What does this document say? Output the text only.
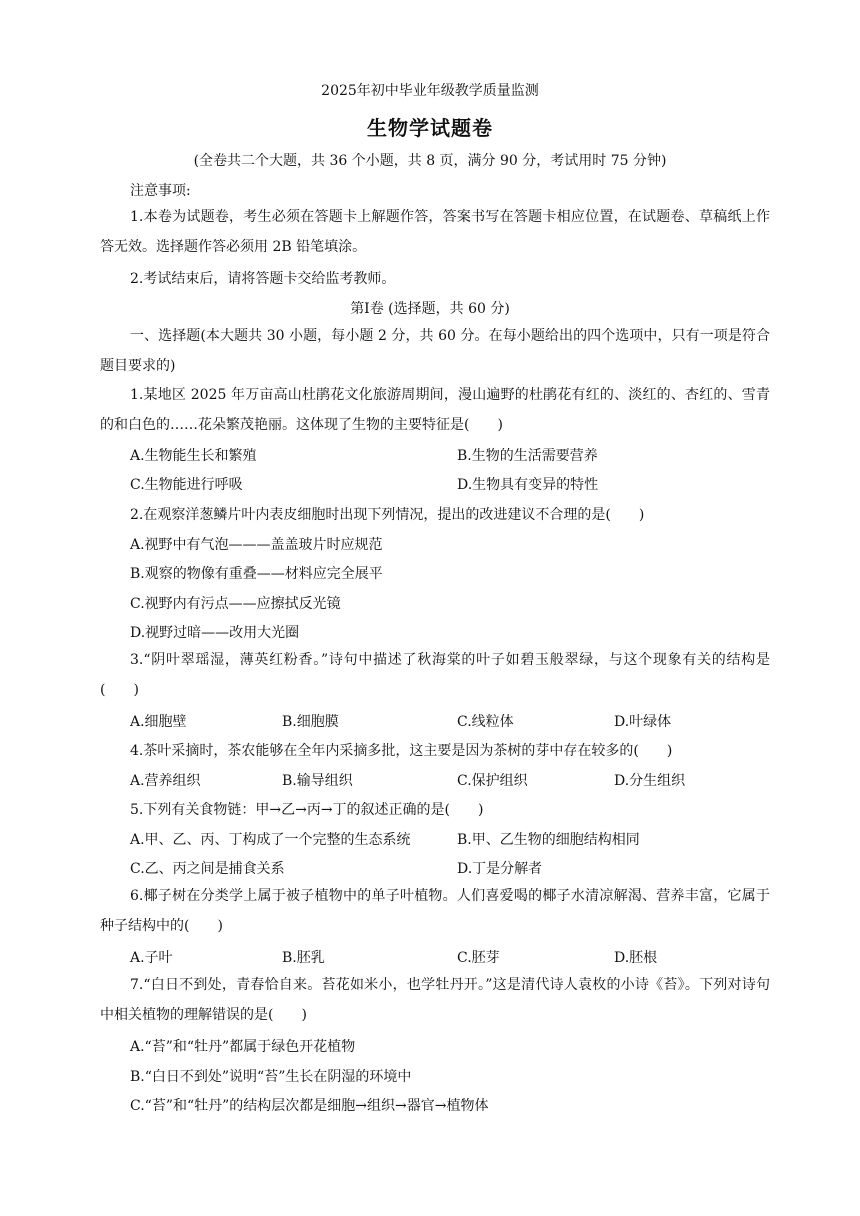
2025年初中毕业年级教学质量监测
生物学试题卷
(全卷共二个大题，共 36 个小题，共 8 页，满分 90 分，考试用时 75 分钟)
注意事项:

1.本卷为试题卷，考生必须在答题卡上解题作答，答案书写在答题卡相应位置，在试题卷、草稿纸上作答无效。选择题作答必须用 2B 铅笔填涂。

2.考试结束后，请将答题卡交给监考教师。
第Ⅰ卷 (选择题，共 60 分)

一、选择题(本大题共 30 小题，每小题 2 分，共 60 分。在每小题给出的四个选项中，只有一项是符合题目要求的)

1.某地区 2025 年万亩高山杜鹃花文化旅游周期间，漫山遍野的杜鹃花有红的、淡红的、杏红的、雪青的和白色的……花朵繁茂艳丽。这体现了生物的主要特征是(　　)

A.生物能生长和繁殖	B.生物的生活需要营养
C.生物能进行呼吸	D.生物具有变异的特性
2.在观察洋葱鳞片叶内表皮细胞时出现下列情况，提出的改进建议不合理的是(　　)
A.视野中有气泡———盖盖玻片时应规范
B.观察的物像有重叠——材料应完全展平
C.视野内有污点——应擦拭反光镜
D.视野过暗——改用大光圈

3.“阴叶翠瑶湿，薄英红粉香。”诗句中描述了秋海棠的叶子如碧玉般翠绿，与这个现象有关的结构是(　　)

A.细胞壁	B.细胞膜	C.线粒体	D.叶绿体
4.茶叶采摘时，茶农能够在全年内采摘多批，这主要是因为茶树的芽中存在较多的(　　)
A.营养组织	B.输导组织	C.保护组织	D.分生组织
5.下列有关食物链：甲→乙→丙→丁的叙述正确的是(　　)
A.甲、乙、丙、丁构成了一个完整的生态系统	B.甲、乙生物的细胞结构相同
C.乙、丙之间是捕食关系	D.丁是分解者

6.椰子树在分类学上属于被子植物中的单子叶植物。人们喜爱喝的椰子水清凉解渴、营养丰富，它属于种子结构中的(　　)

A.子叶	B.胚乳	C.胚芽	D.胚根

7.“白日不到处，青春恰自来。苔花如米小，也学牡丹开。”这是清代诗人袁枚的小诗《苔》。下列对诗句中相关植物的理解错误的是(　　)

A.“苔”和“牡丹”都属于绿色开花植物
B.“白日不到处”说明“苔”生长在阴湿的环境中
C.“苔”和“牡丹”的结构层次都是细胞→组织→器官→植物体
